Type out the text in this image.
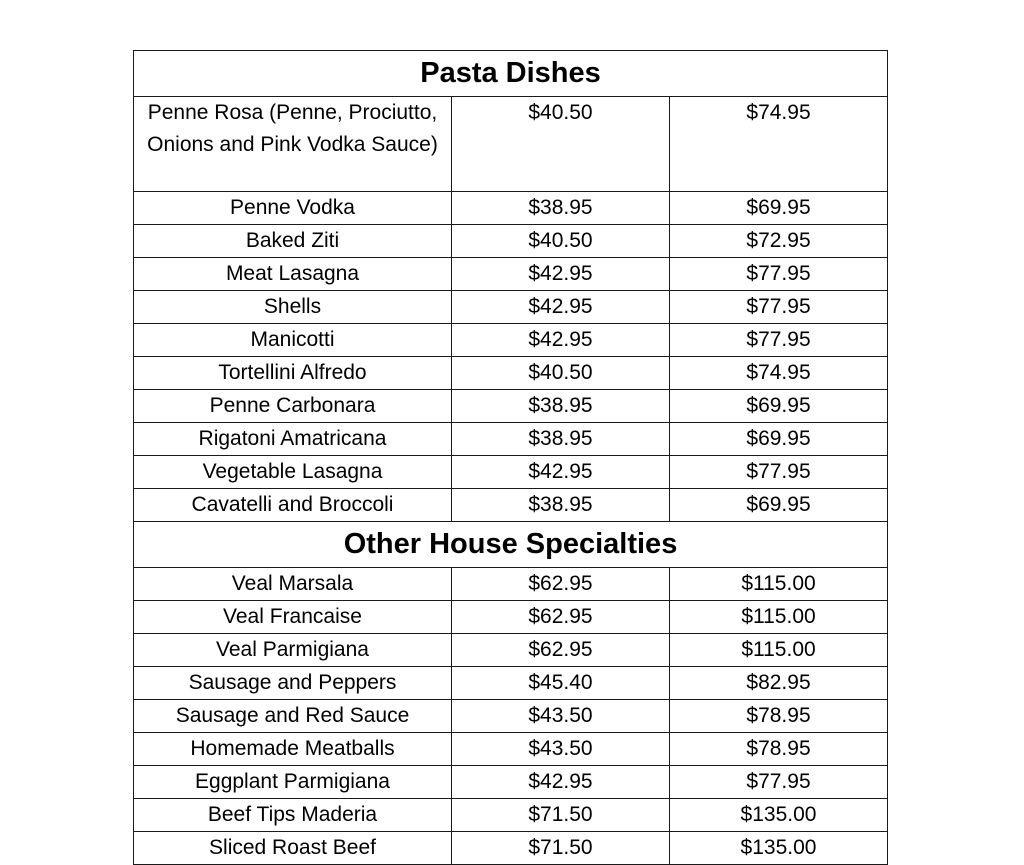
Pasta Dishes		
Penne Rosa (Penne, Prociutto, Onions and Pink Vodka Sauce)	$40.50	$74.95
Penne Vodka	$38.95	$69.95
Baked Ziti	$40.50	$72.95
Meat Lasagna	$42.95	$77.95
Shells	$42.95	$77.95
Manicotti	$42.95	$77.95
Tortellini Alfredo	$40.50	$74.95
Penne Carbonara	$38.95	$69.95
Rigatoni Amatricana	$38.95	$69.95
Vegetable Lasagna	$42.95	$77.95
Cavatelli and Broccoli	$38.95	$69.95
Other House Specialties		
Veal Marsala	$62.95	$115.00
Veal Francaise	$62.95	$115.00
Veal Parmigiana	$62.95	$115.00
Sausage and Peppers	$45.40	$82.95
Sausage and Red Sauce	$43.50	$78.95
Homemade Meatballs	$43.50	$78.95
Eggplant Parmigiana	$42.95	$77.95
Beef Tips Maderia	$71.50	$135.00
Sliced Roast Beef	$71.50	$135.00
